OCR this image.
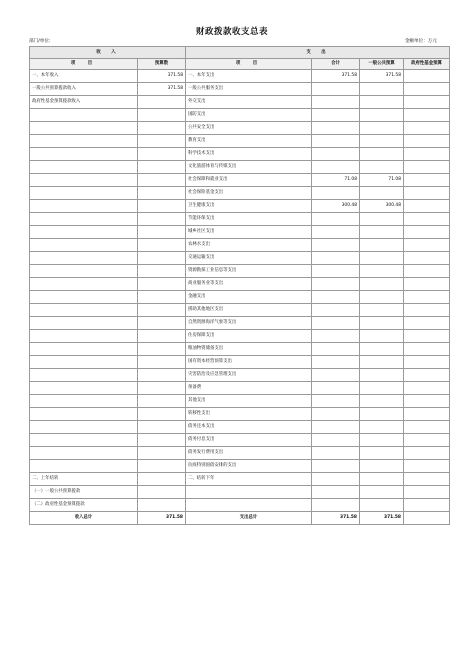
财政拨款收支总表
部门/单位:	金额单位：万元
收　入		支　出			
项　目	预算数	项　目	合计	一般公共预算	政府性基金预算
一、本年收入	371.58	一、本年支出	371.58	371.58	
一般公共预算拨款收入	371.58	一般公共服务支出			
政府性基金预算拨款收入		外交支出			
		国防支出			
		公共安全支出			
		教育支出			
		科学技术支出			
		文化旅游体育与传媒支出			
		社会保障和就业支出	71.08	71.08	
		社会保险基金支出			
		卫生健康支出	300.48	300.48	
		节能环保支出			
		城乡社区支出			
		农林水支出			
		交通运输支出			
		资源勘探工业信息等支出			
		商业服务业等支出			
		金融支出			
		援助其他地区支出			
		自然资源海洋气象等支出			
		住房保障支出			
		粮油物资储备支出			
		国有资本经营预算支出			
		灾害防治及应急管理支出			
		预备费			
		其他支出			
		转移性支出			
		债务还本支出			
		债务付息支出			
		债务发行费用支出			
		抗疫特别国债安排的支出			
二、上年结转		二、结转下年			
（一）一般公共预算拨款					
（二）政府性基金预算拨款					
收入总计	371.58	支出总计	371.58	371.58	
